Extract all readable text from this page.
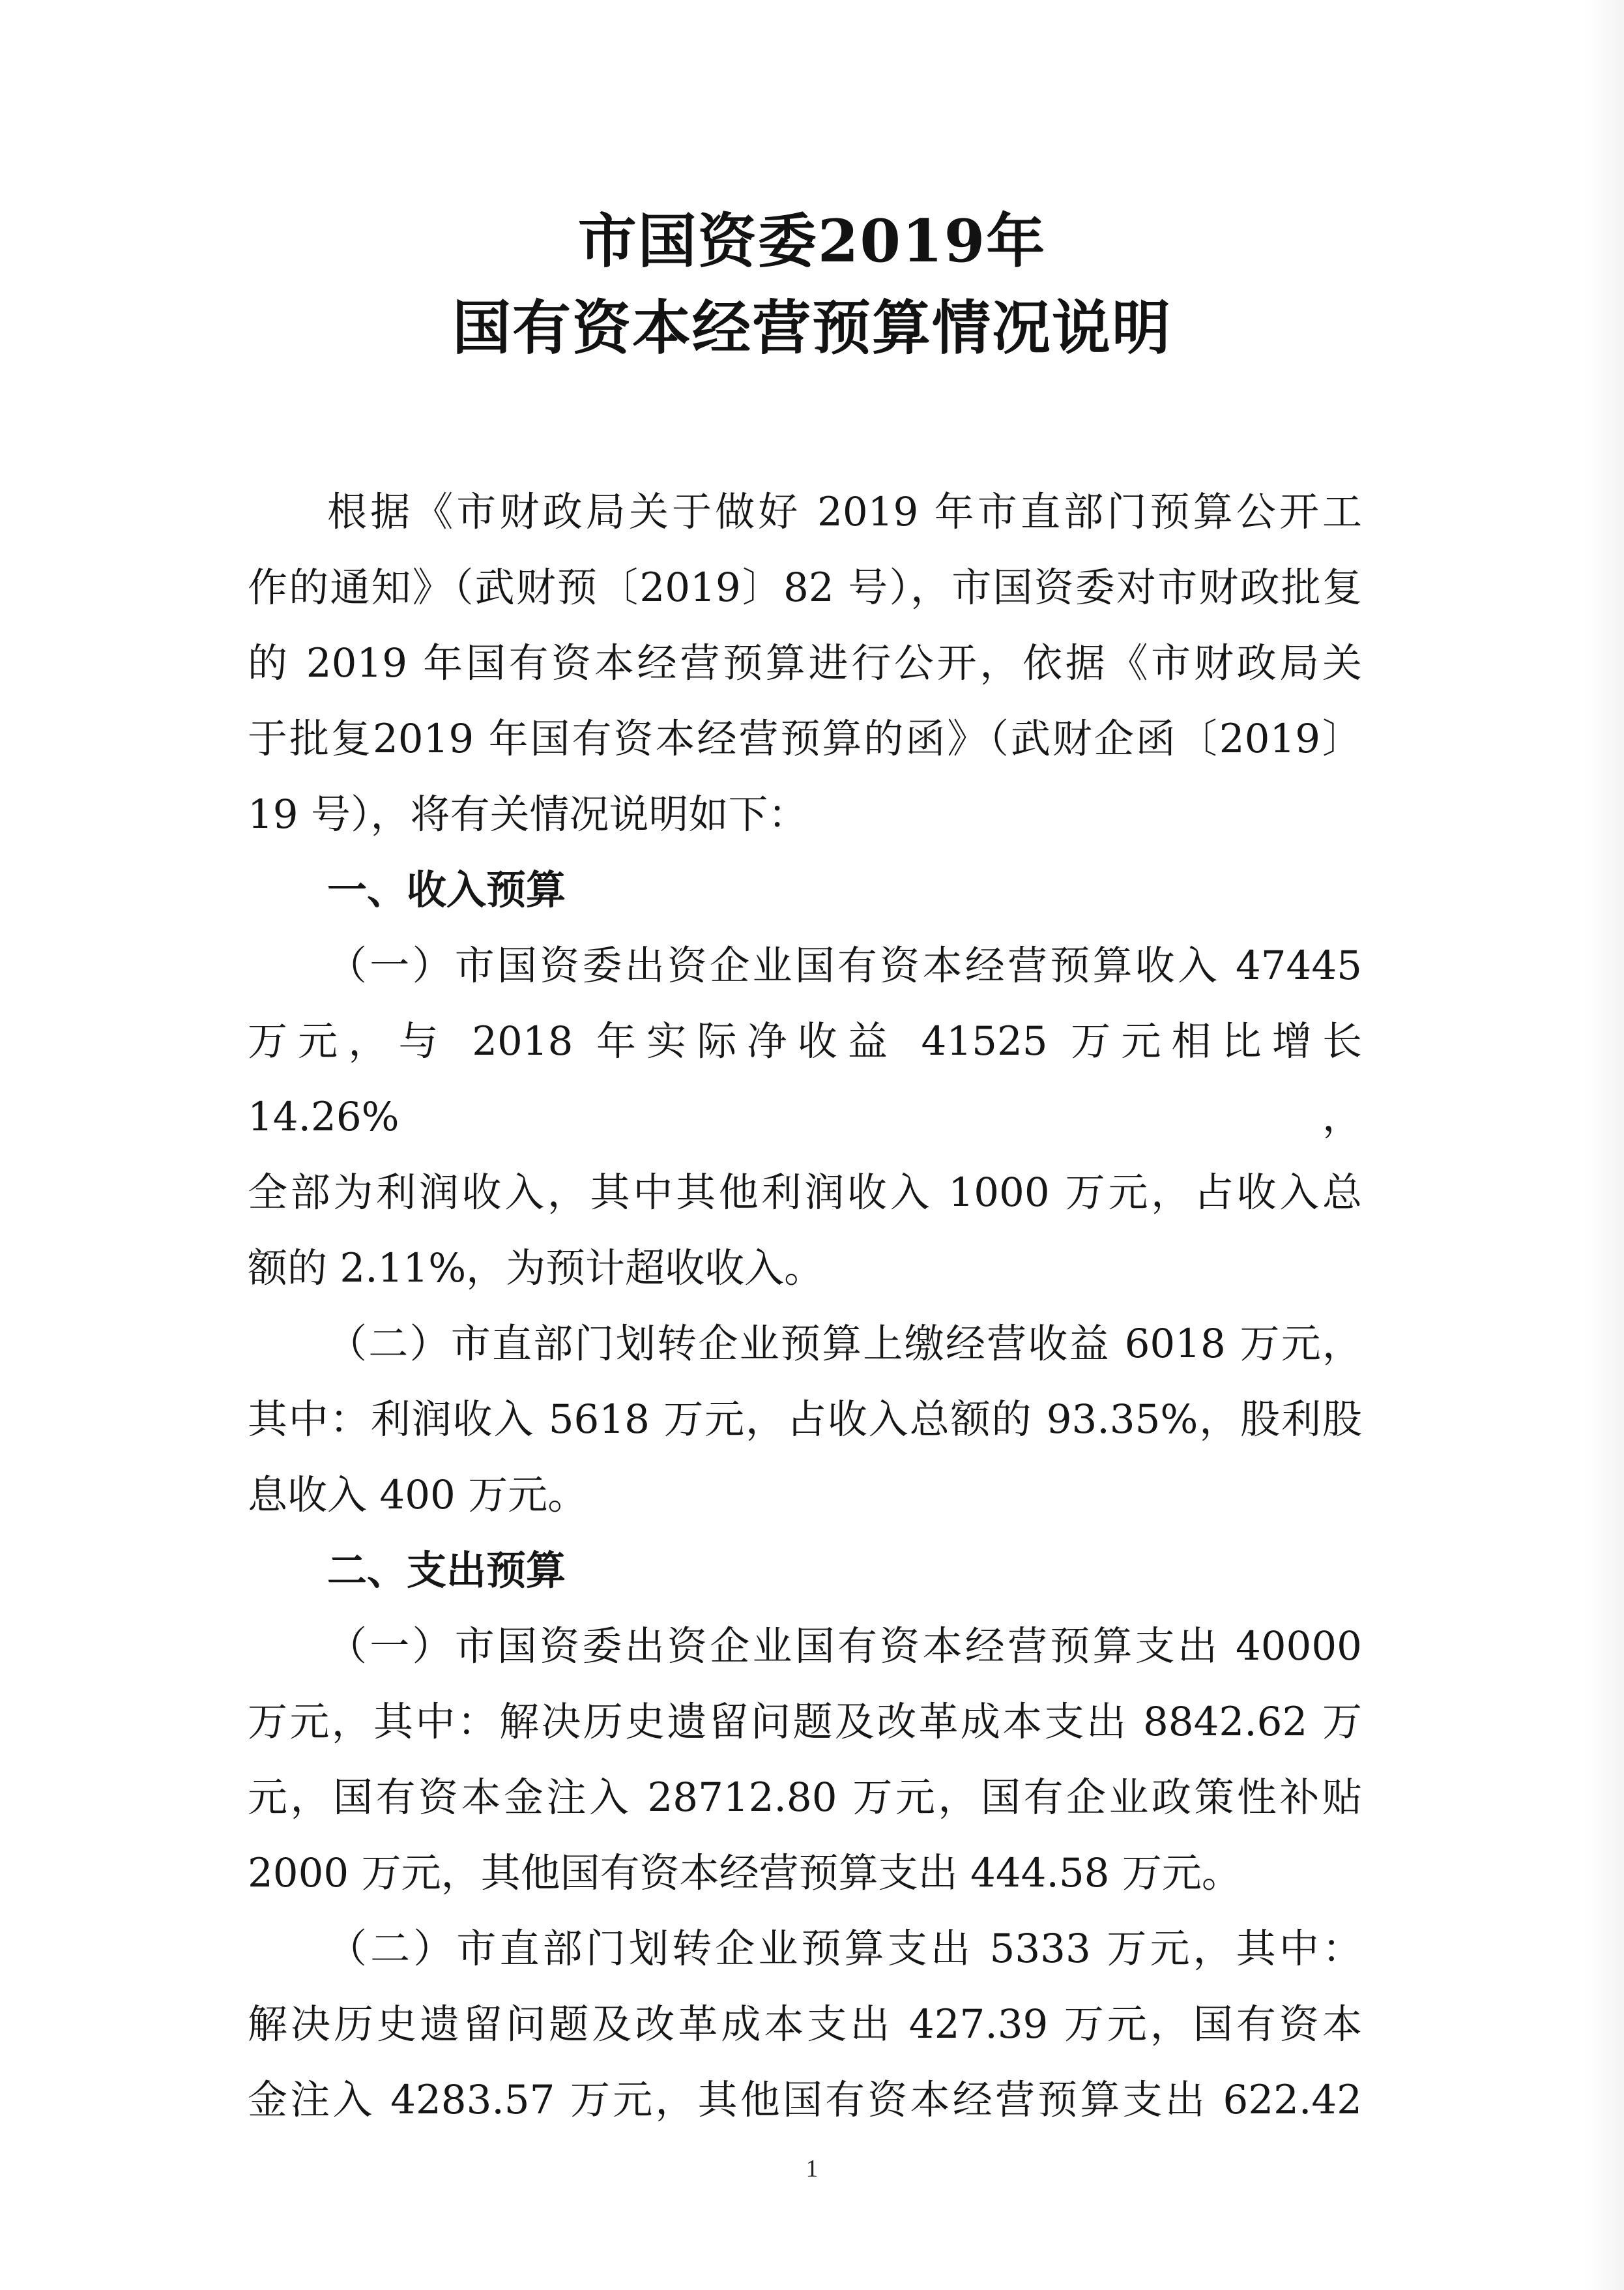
市国资委2019年
国有资本经营预算情况说明

根据《市财政局关于做好 2019 年市直部门预算公开工
作的通知》（武财预〔2019〕82 号），市国资委对市财政批复
的 2019 年国有资本经营预算进行公开，依据《市财政局关
于批复2019 年国有资本经营预算的函》（武财企函〔2019〕
19 号），将有关情况说明如下：

一、收入预算

（一）市国资委出资企业国有资本经营预算收入 47445
万元，与 2018 年实际净收益 41525 万元相比增长 14.26%，
全部为利润收入，其中其他利润收入 1000 万元，占收入总
额的 2.11%，为预计超收收入。

（二）市直部门划转企业预算上缴经营收益 6018 万元，
其中：利润收入 5618 万元，占收入总额的 93.35%，股利股
息收入 400 万元。

二、支出预算

（一）市国资委出资企业国有资本经营预算支出 40000
万元，其中：解决历史遗留问题及改革成本支出 8842.62 万
元，国有资本金注入 28712.80 万元，国有企业政策性补贴
2000 万元，其他国有资本经营预算支出 444.58 万元。

（二）市直部门划转企业预算支出 5333 万元，其中：
解决历史遗留问题及改革成本支出 427.39 万元，国有资本
金注入 4283.57 万元，其他国有资本经营预算支出 622.42

1
